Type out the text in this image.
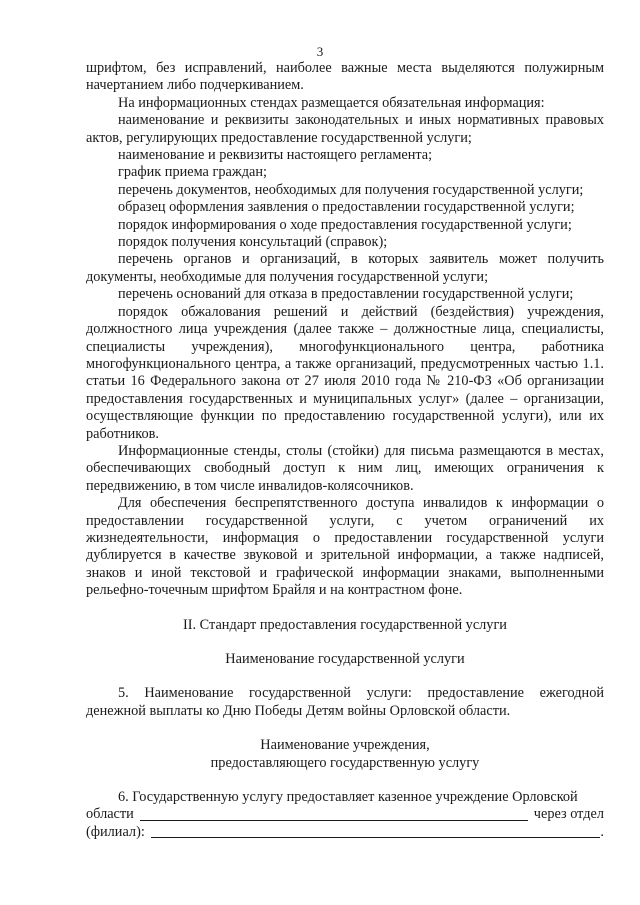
3

шрифтом, без исправлений, наиболее важные места выделяются полужирным начертанием либо подчеркиванием.

На информационных стендах размещается обязательная информация:

наименование и реквизиты законодательных и иных нормативных правовых актов, регулирующих предоставление государственной услуги;

наименование и реквизиты настоящего регламента;

график приема граждан;

перечень документов, необходимых для получения государственной услуги;

образец оформления заявления о предоставлении государственной услуги;

порядок информирования о ходе предоставления государственной услуги;

порядок получения консультаций (справок);

перечень органов и организаций, в которых заявитель может получить документы, необходимые для получения государственной услуги;

перечень оснований для отказа в предоставлении государственной услуги;

порядок обжалования решений и действий (бездействия) учреждения, должностного лица учреждения (далее также – должностные лица, специалисты, специалисты учреждения), многофункционального центра, работника многофункционального центра, а также организаций, предусмотренных частью 1.1. статьи 16 Федерального закона от 27 июля 2010 года № 210-ФЗ «Об организации предоставления государственных и муниципальных услуг» (далее – организации, осуществляющие функции по предоставлению государственной услуги), или их работников.

Информационные стенды, столы (стойки) для письма размещаются в местах, обеспечивающих свободный доступ к ним лиц, имеющих ограничения к передвижению, в том числе инвалидов-колясочников.

Для обеспечения беспрепятственного доступа инвалидов к информации о предоставлении государственной услуги, с учетом ограничений их жизнедеятельности, информация о предоставлении государственной услуги дублируется в качестве звуковой и зрительной информации, а также надписей, знаков и иной текстовой и графической информации знаками, выполненными рельефно-точечным шрифтом Брайля и на контрастном фоне.

II. Стандарт предоставления государственной услуги

Наименование государственной услуги

5. Наименование государственной услуги: предоставление ежегодной денежной выплаты ко Дню Победы Детям войны Орловской области.

Наименование учреждения,

предоставляющего государственную услугу

6. Государственную услугу предоставляет казенное учреждение Орловской

области	через отдел
(филиал):	.
